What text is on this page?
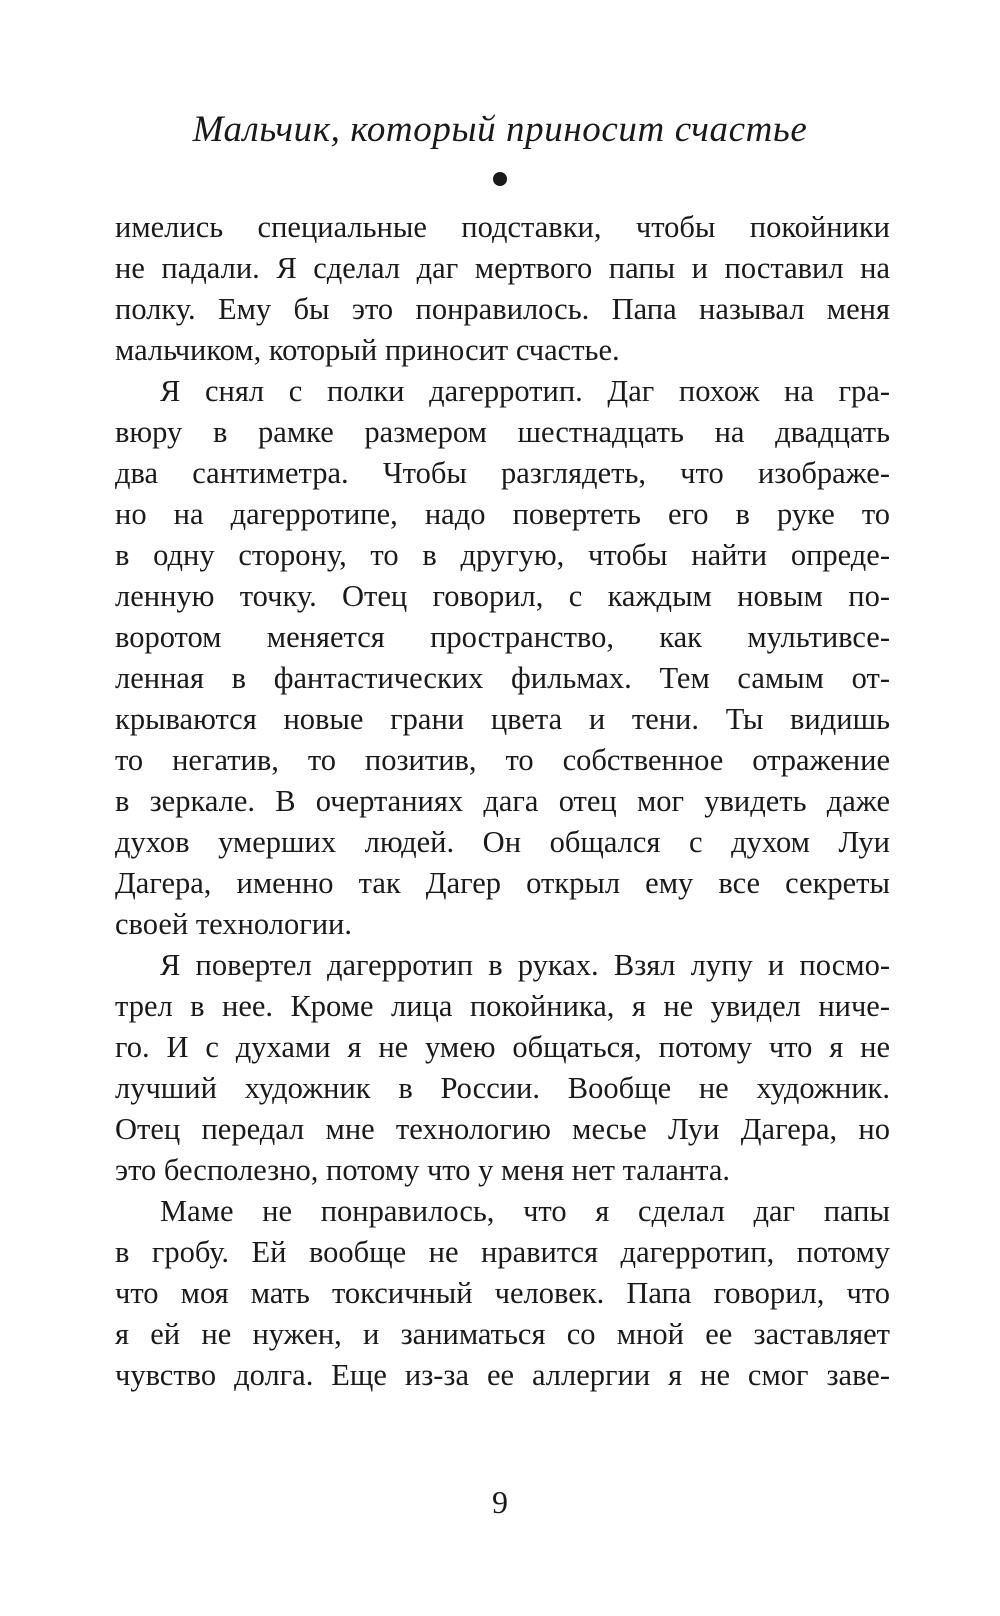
Мальчик, который приносит счастье

имелись специальные подставки, чтобы покойники
не падали. Я сделал даг мертвого папы и поставил на
полку. Ему бы это понравилось. Папа называл меня
мальчиком, который приносит счастье.

Я снял с полки дагерротип. Даг похож на гра-
вюру в рамке размером шестнадцать на двадцать
два сантиметра. Чтобы разглядеть, что изображе-
но на дагерротипе, надо повертеть его в руке то
в одну сторону, то в другую, чтобы найти опреде-
ленную точку. Отец говорил, с каждым новым по-
воротом меняется пространство, как мультивсе-
ленная в фантастических фильмах. Тем самым от-
крываются новые грани цвета и тени. Ты видишь
то негатив, то позитив, то собственное отражение
в зеркале. В очертаниях дага отец мог увидеть даже
духов умерших людей. Он общался с духом Луи
Дагера, именно так Дагер открыл ему все секреты
своей технологии.

Я повертел дагерротип в руках. Взял лупу и посмо-
трел в нее. Кроме лица покойника, я не увидел ниче-
го. И с духами я не умею общаться, потому что я не
лучший художник в России. Вообще не художник.
Отец передал мне технологию месье Луи Дагера, но
это бесполезно, потому что у меня нет таланта.

Маме не понравилось, что я сделал даг папы
в гробу. Ей вообще не нравится дагерротип, потому
что моя мать токсичный человек. Папа говорил, что
я ей не нужен, и заниматься со мной ее заставляет
чувство долга. Еще из-за ее аллергии я не смог заве-

9
